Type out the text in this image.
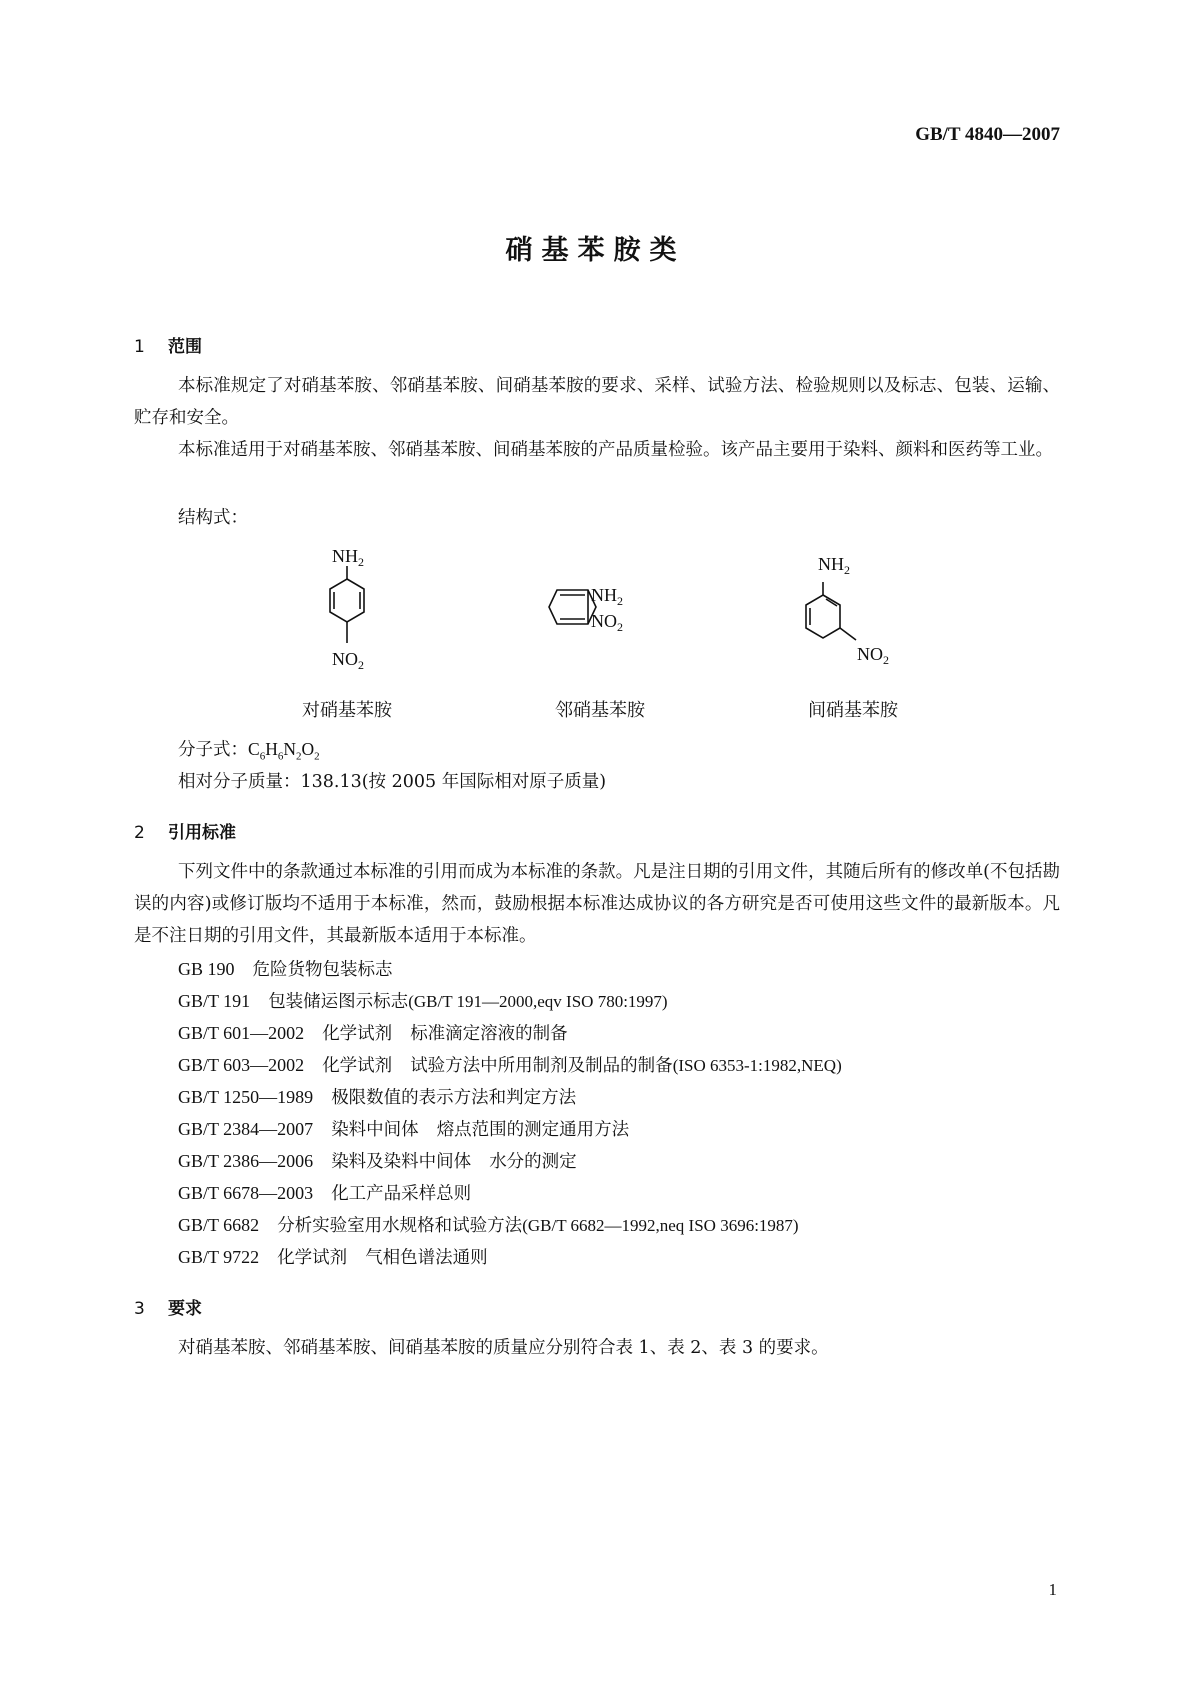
GB/T 4840—2007
硝基苯胺类
1 范围
本标准规定了对硝基苯胺、邻硝基苯胺、间硝基苯胺的要求、采样、试验方法、检验规则以及标志、包装、运输、贮存和安全。
本标准适用于对硝基苯胺、邻硝基苯胺、间硝基苯胺的产品质量检验。该产品主要用于染料、颜料和医药等工业。
结构式：
$NH_2$
$NO_2$
$NH_2$
$NO_2$
$NH_2$
$NO_2$
对硝基苯胺	邻硝基苯胺	间硝基苯胺
分子式：$C_6H_6N_2O_2$
相对分子质量：138.13(按 2005 年国际相对原子质量)
2 引用标准
下列文件中的条款通过本标准的引用而成为本标准的条款。凡是注日期的引用文件，其随后所有的修改单(不包括勘误的内容)或修订版均不适用于本标准，然而，鼓励根据本标准达成协议的各方研究是否可使用这些文件的最新版本。凡是不注日期的引用文件，其最新版本适用于本标准。
GB 190 危险货物包装标志
GB/T 191 包装储运图示标志(GB/T 191—2000,eqv ISO 780:1997)
GB/T 601—2002 化学试剂 标准滴定溶液的制备
GB/T 603—2002 化学试剂 试验方法中所用制剂及制品的制备(ISO 6353-1:1982,NEQ)
GB/T 1250—1989 极限数值的表示方法和判定方法
GB/T 2384—2007 染料中间体 熔点范围的测定通用方法
GB/T 2386—2006 染料及染料中间体 水分的测定
GB/T 6678—2003 化工产品采样总则
GB/T 6682 分析实验室用水规格和试验方法(GB/T 6682—1992,neq ISO 3696:1987)
GB/T 9722 化学试剂 气相色谱法通则
3 要求
对硝基苯胺、邻硝基苯胺、间硝基苯胺的质量应分别符合表 1、表 2、表 3 的要求。
1
